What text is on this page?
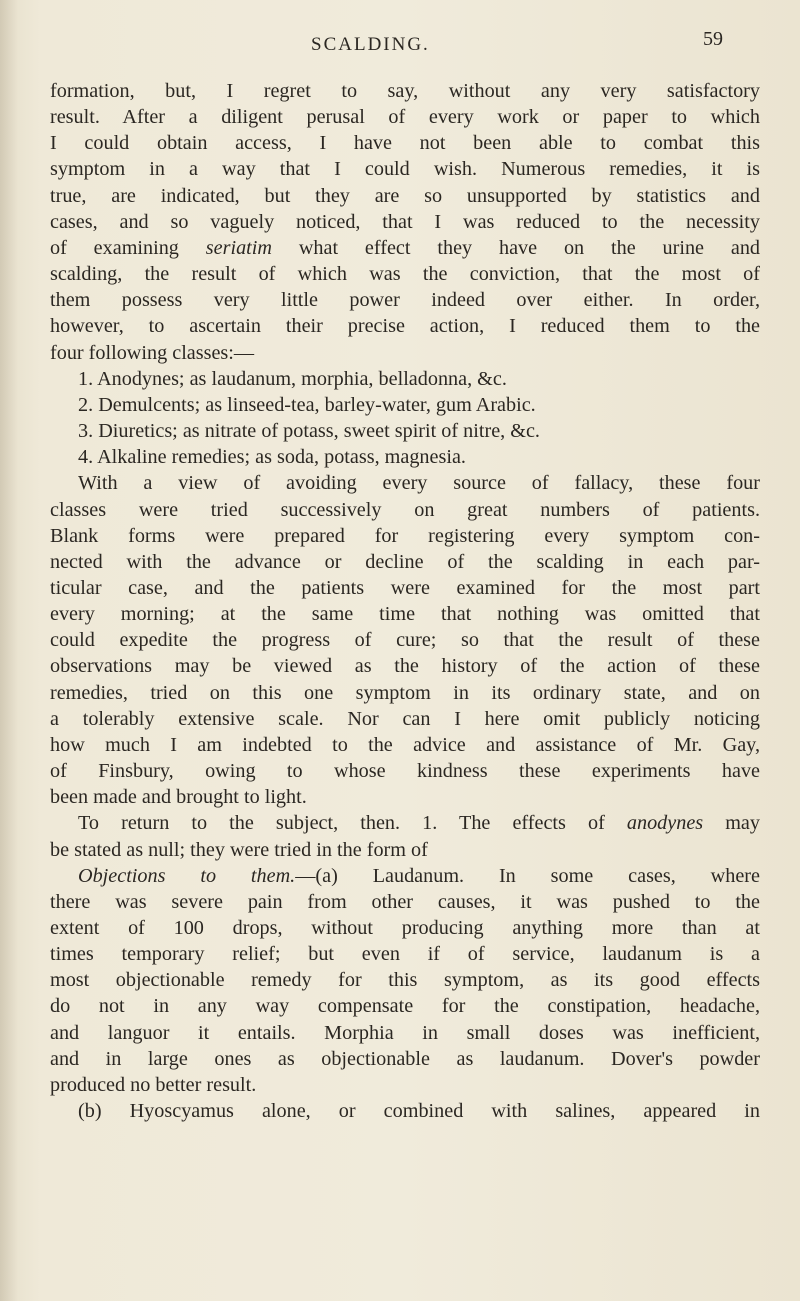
SCALDING.	59
formation, but, I regret to say, without any very satisfactory
result. After a diligent perusal of every work or paper to which
I could obtain access, I have not been able to combat this
symptom in a way that I could wish. Numerous remedies, it is
true, are indicated, but they are so unsupported by statistics and
cases, and so vaguely noticed, that I was reduced to the necessity
of examining seriatim what effect they have on the urine and
scalding, the result of which was the conviction, that the most of
them possess very little power indeed over either. In order,
however, to ascertain their precise action, I reduced them to the
four following classes:—
1. Anodynes; as laudanum, morphia, belladonna, &c.
2. Demulcents; as linseed-tea, barley-water, gum Arabic.
3. Diuretics; as nitrate of potass, sweet spirit of nitre, &c.
4. Alkaline remedies; as soda, potass, magnesia.
With a view of avoiding every source of fallacy, these four
classes were tried successively on great numbers of patients.
Blank forms were prepared for registering every symptom con-
nected with the advance or decline of the scalding in each par-
ticular case, and the patients were examined for the most part
every morning; at the same time that nothing was omitted that
could expedite the progress of cure; so that the result of these
observations may be viewed as the history of the action of these
remedies, tried on this one symptom in its ordinary state, and on
a tolerably extensive scale. Nor can I here omit publicly noticing
how much I am indebted to the advice and assistance of Mr. Gay,
of Finsbury, owing to whose kindness these experiments have
been made and brought to light.
To return to the subject, then. 1. The effects of anodynes may
be stated as null; they were tried in the form of
Objections to them.—(a) Laudanum. In some cases, where
there was severe pain from other causes, it was pushed to the
extent of 100 drops, without producing anything more than at
times temporary relief; but even if of service, laudanum is a
most objectionable remedy for this symptom, as its good effects
do not in any way compensate for the constipation, headache,
and languor it entails. Morphia in small doses was inefficient,
and in large ones as objectionable as laudanum. Dover's powder
produced no better result.
(b) Hyoscyamus alone, or combined with salines, appeared in
